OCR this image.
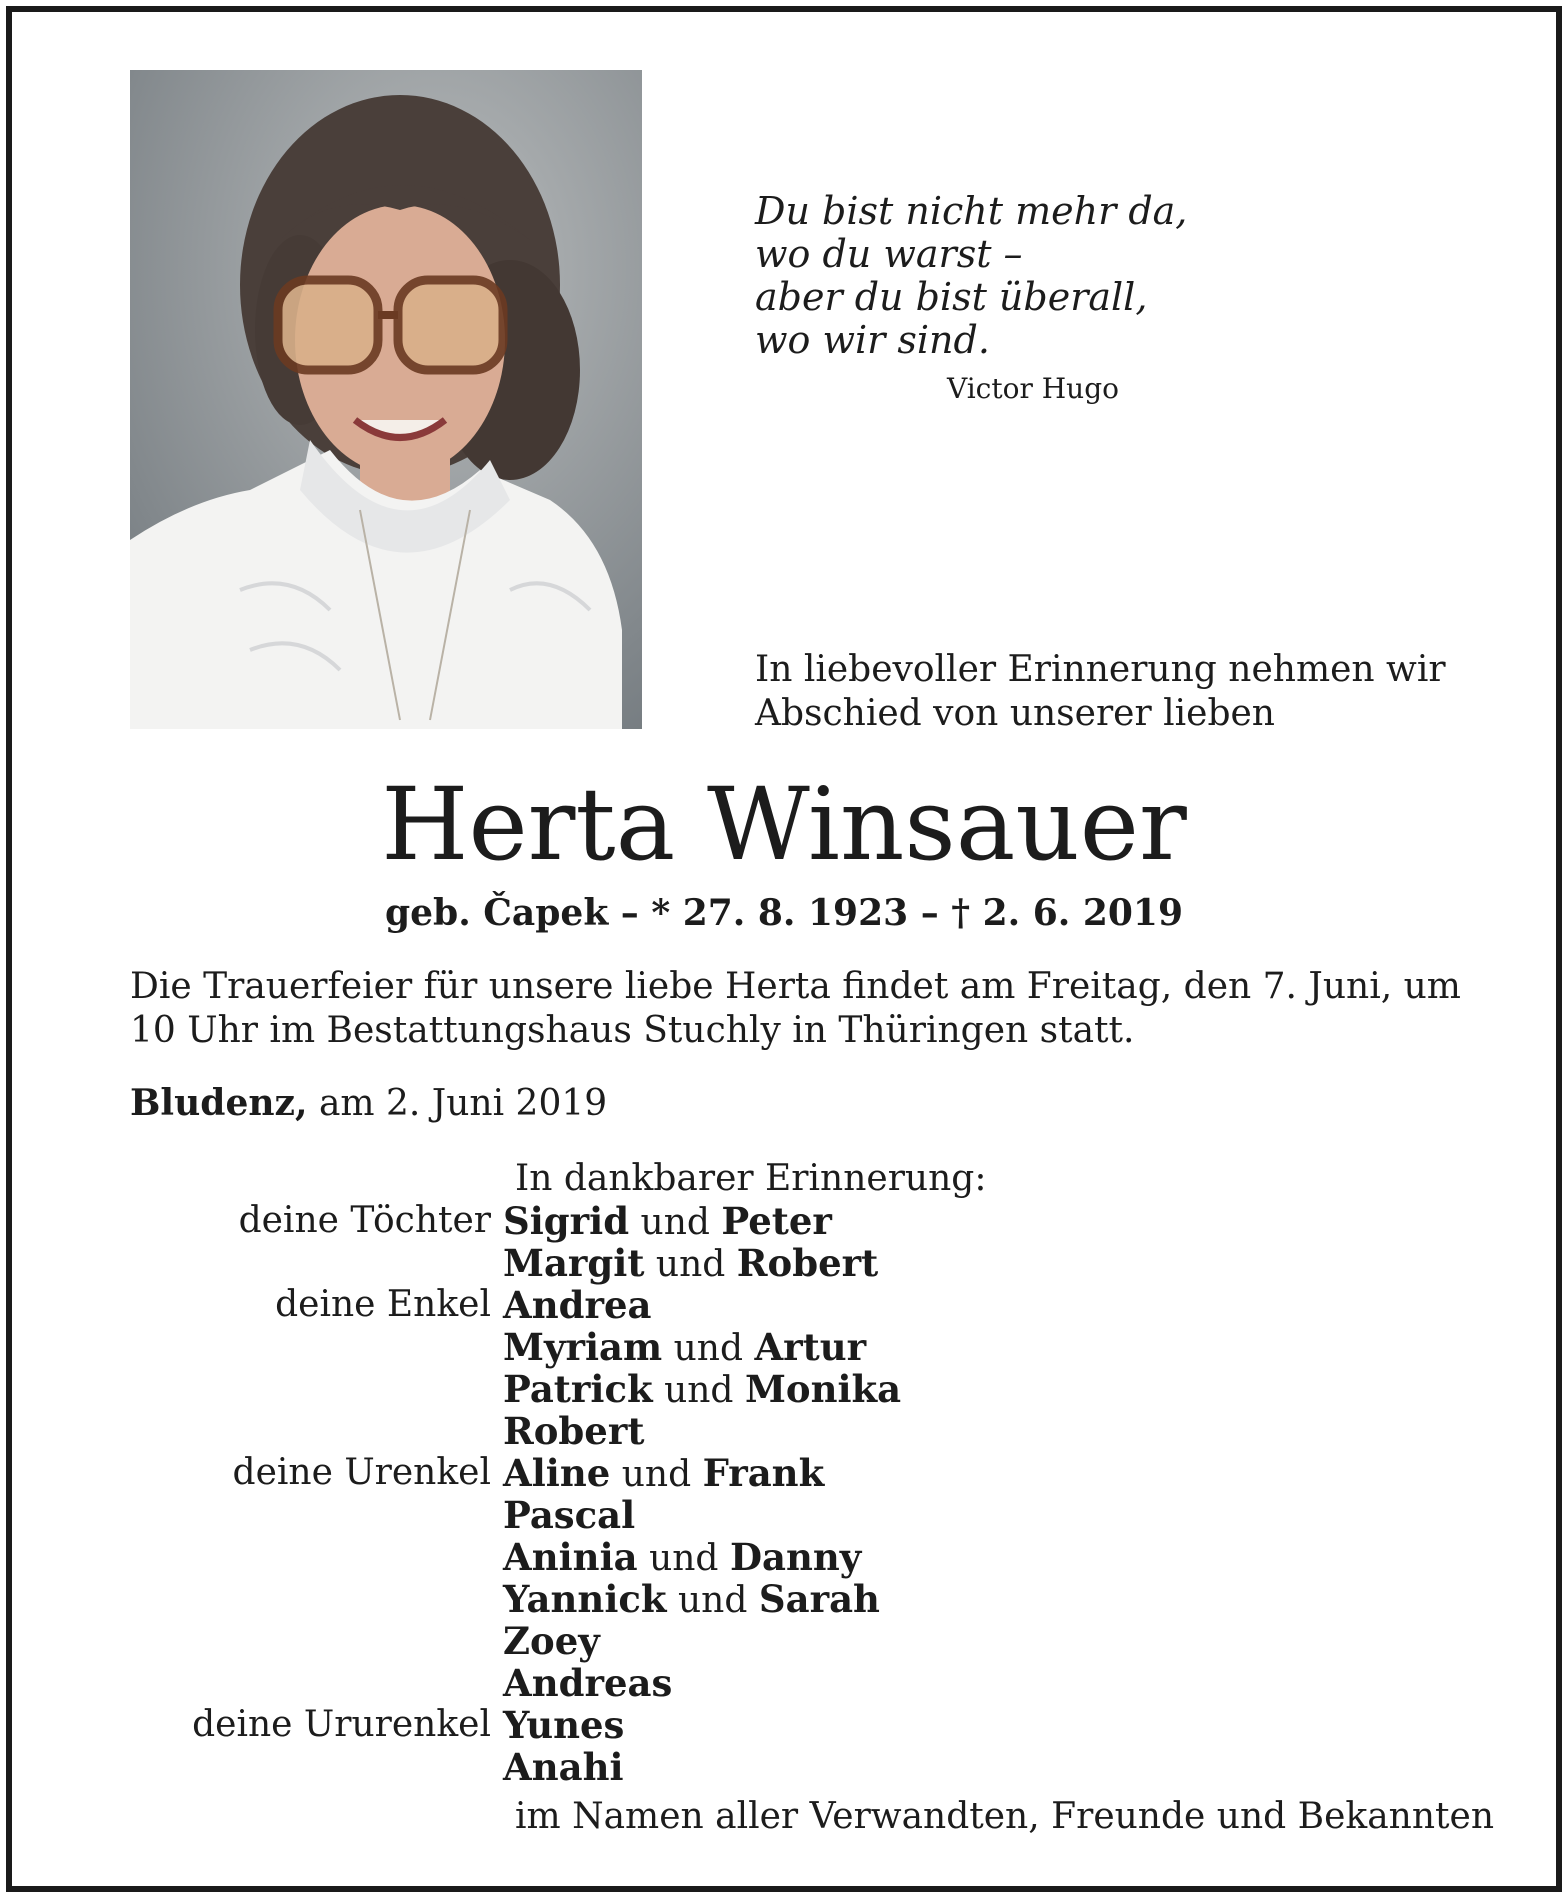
Du bist nicht mehr da,
wo du warst –
aber du bist überall,
wo wir sind.
Victor Hugo
In liebevoller Erinnerung nehmen wir
Abschied von unserer lieben
Herta Winsauer
geb. Čapek – * 27. 8. 1923 – † 2. 6. 2019
Die Trauerfeier für unsere liebe Herta findet am Freitag, den 7. Juni, um
10 Uhr im Bestattungshaus Stuchly in Thüringen statt.
Bludenz, am 2. Juni 2019
In dankbarer Erinnerung:
deine Töchter Sigrid und Peter
Margit und Robert
deine Enkel Andrea
Myriam und Artur
Patrick und Monika
Robert
deine Urenkel Aline und Frank
Pascal
Aninia und Danny
Yannick und Sarah
Zoey
Andreas
deine Ururenkel Yunes
Anahi
im Namen aller Verwandten, Freunde und Bekannten
